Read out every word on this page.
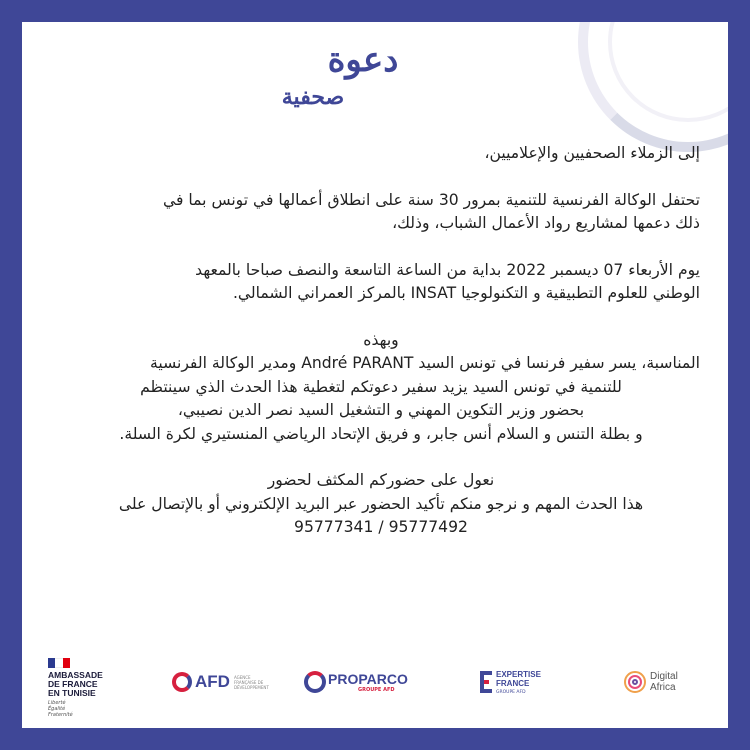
دعوة
صحفية

إلى الزملاء الصحفيين والإعلاميين،

تحتفل الوكالة الفرنسية للتنمية بمرور 30 سنة على انطلاق أعمالها في تونس بما في

ذلك دعمها لمشاريع رواد الأعمال الشباب، وذلك،

يوم الأربعاء 07 ديسمبر 2022 بداية من الساعة التاسعة والنصف صباحا بالمعهد

الوطني للعلوم التطبيقية و التكنولوجيا INSAT بالمركز العمراني الشمالي.

وبهذه

المناسبة، يسر سفير فرنسا في تونس السيد André PARANT ومدير الوكالة الفرنسية

للتنمية في تونس السيد يزيد سفير دعوتكم لتغطية هذا الحدث الذي سينتظم

بحضور وزير التكوين المهني و التشغيل السيد نصر الدين نصيبي،

و بطلة التنس و السلام أنس جابر، و فريق الإتحاد الرياضي المنستيري لكرة السلة.

نعول على حضوركم المكثف لحضور

هذا الحدث المهم و نرجو منكم تأكيد الحضور عبر البريد الإلكتروني أو بالإتصال على

95777341 / 95777492

AMBASSADE
DE FRANCE
EN TUNISIE
Liberté
Égalité
Fraternité
AFD AGENCE FRANÇAISE DE DÉVELOPPEMENT	PROPARCO
GROUPE AFD
EXPERTISE
FRANCE
GROUPE AFD
Digital
Africa
